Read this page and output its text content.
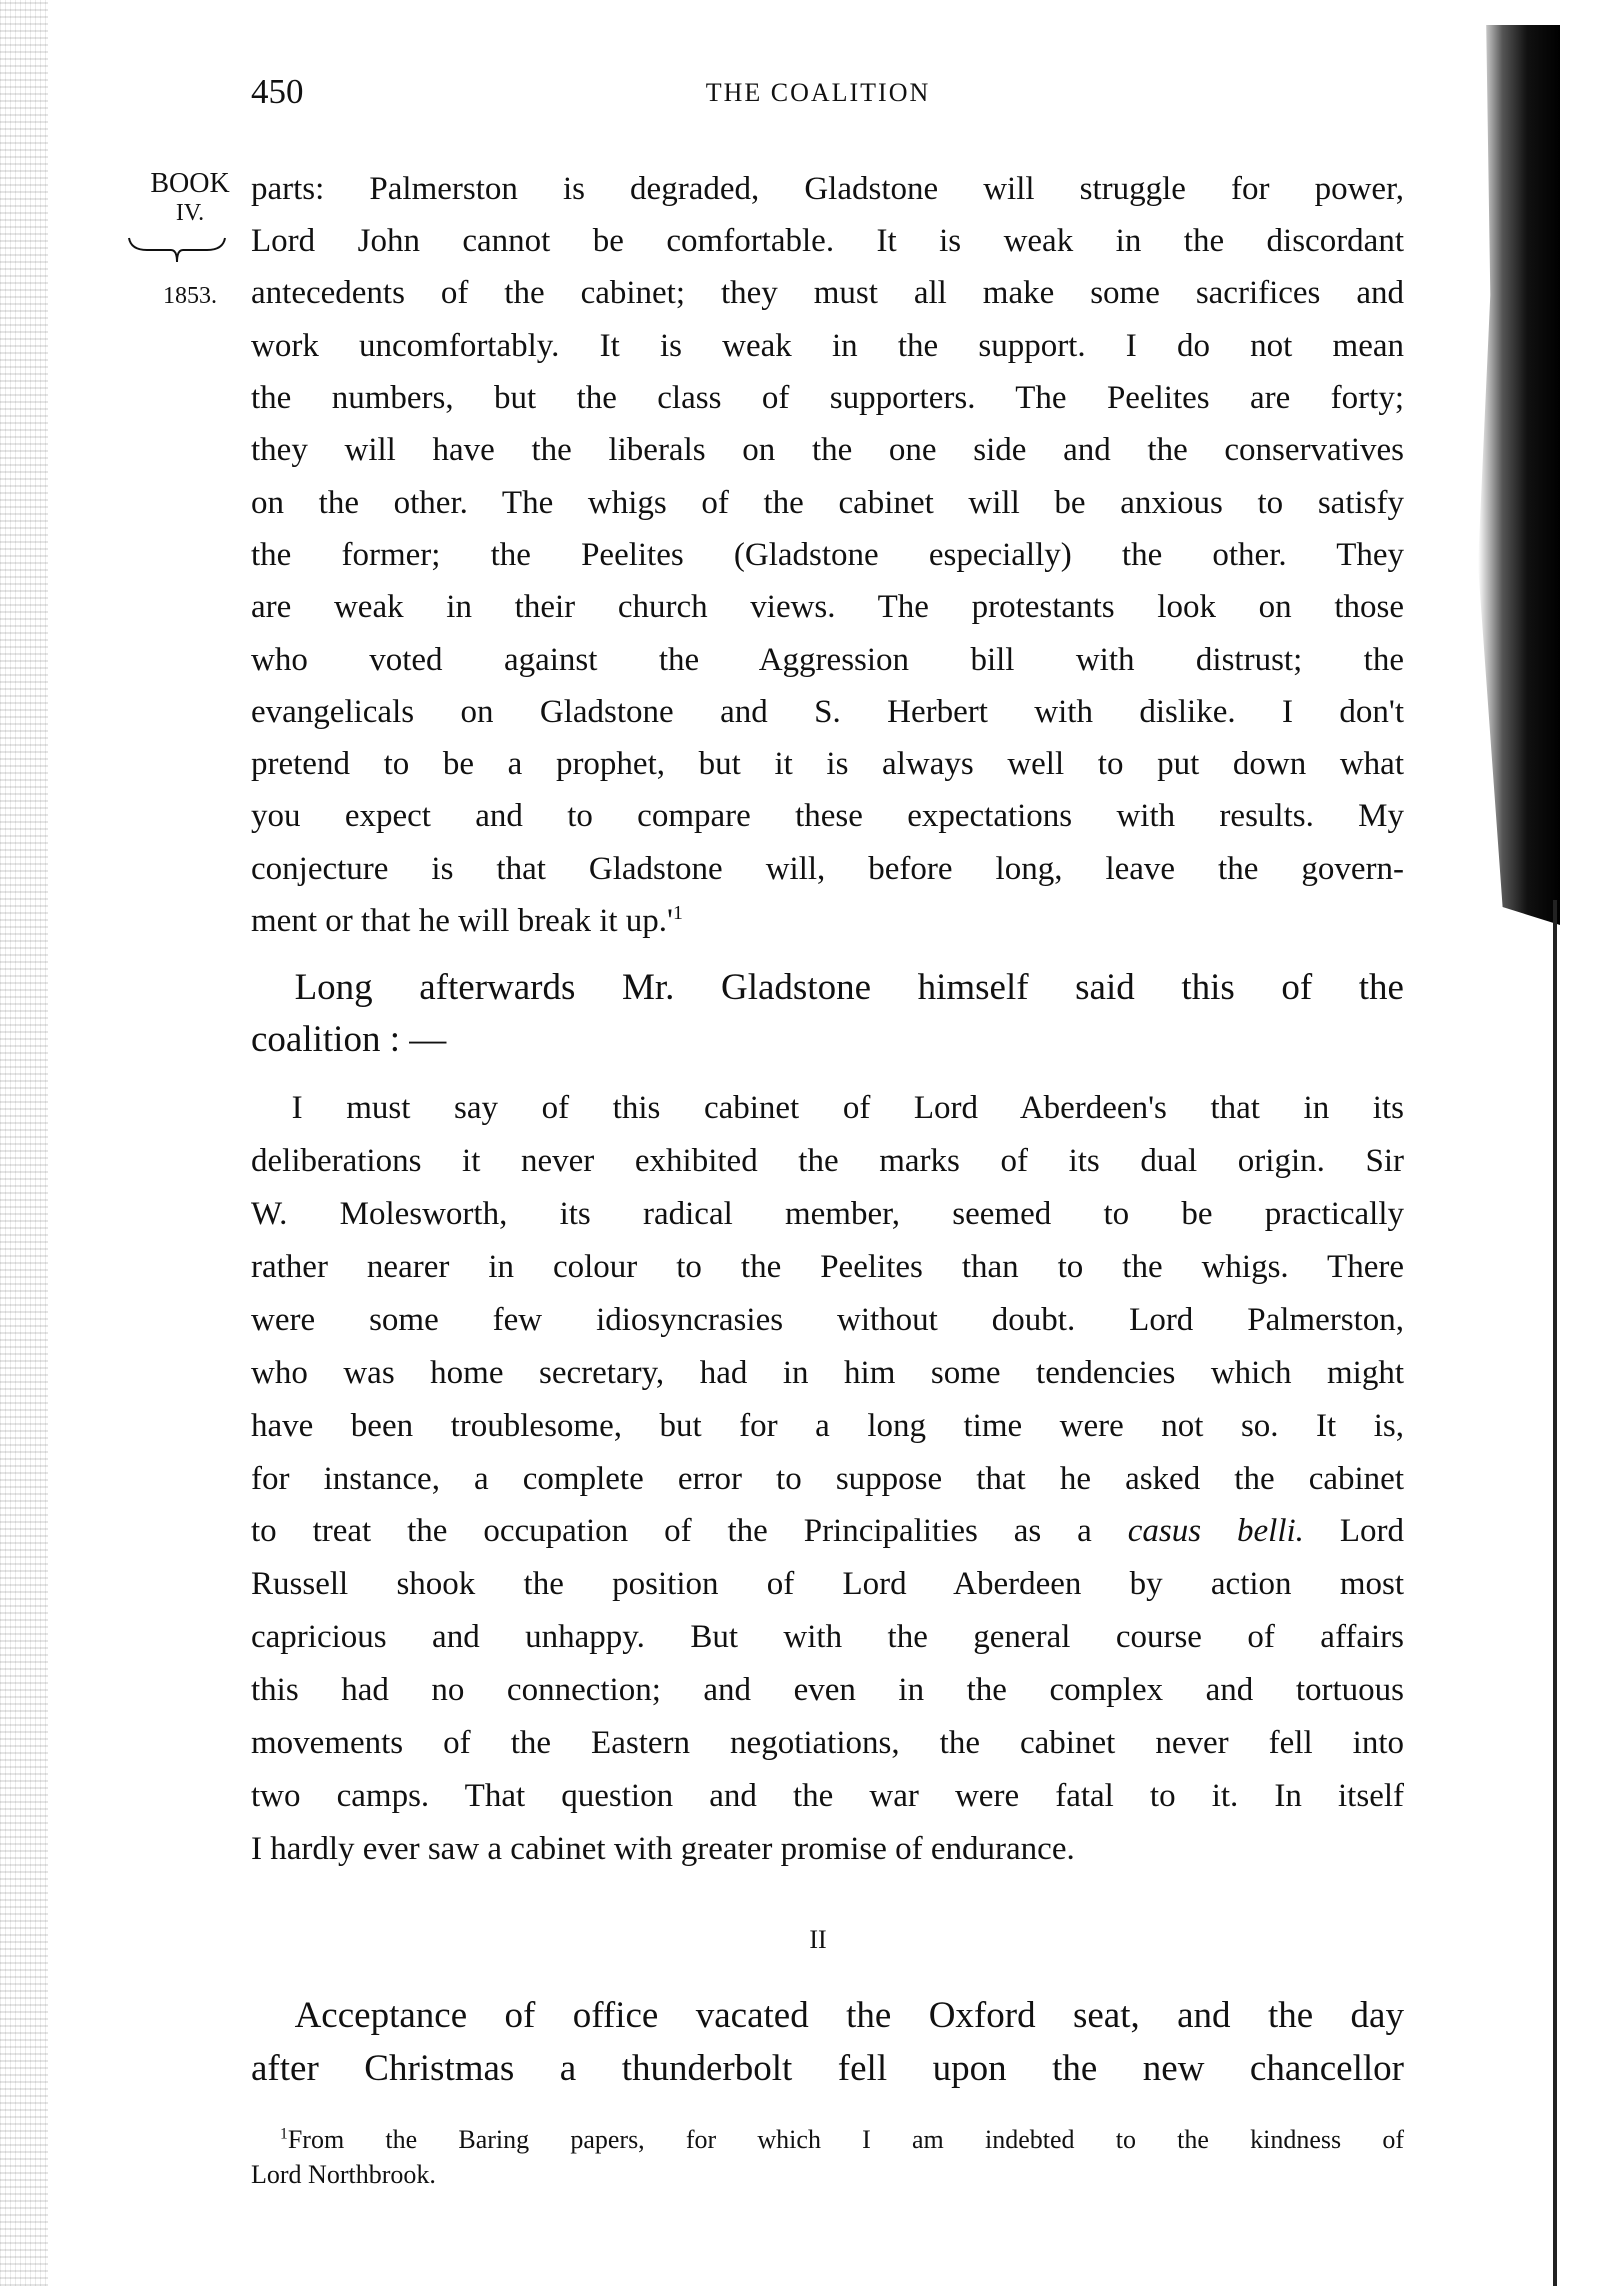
450	THE COALITION
BOOK
IV.
1853.
parts: Palmerston is degraded, Gladstone will struggle for power,
Lord John cannot be comfortable. It is weak in the discordant
antecedents of the cabinet; they must all make some sacrifices and
work uncomfortably. It is weak in the support. I do not mean
the numbers, but the class of supporters. The Peelites are forty;
they will have the liberals on the one side and the conservatives
on the other. The whigs of the cabinet will be anxious to satisfy
the former; the Peelites (Gladstone especially) the other. They
are weak in their church views. The protestants look on those
who voted against the Aggression bill with distrust; the
evangelicals on Gladstone and S. Herbert with dislike. I don't
pretend to be a prophet, but it is always well to put down what
you expect and to compare these expectations with results. My
conjecture is that Gladstone will, before long, leave the govern-
ment or that he will break it $up.'^1$
Long afterwards Mr. Gladstone himself said this of the
coalition : —
I must say of this cabinet of Lord Aberdeen's that in its
deliberations it never exhibited the marks of its dual origin. Sir
W. Molesworth, its radical member, seemed to be practically
rather nearer in colour to the Peelites than to the whigs. There
were some few idiosyncrasies without doubt. Lord Palmerston,
who was home secretary, had in him some tendencies which might
have been troublesome, but for a long time were not so. It is,
for instance, a complete error to suppose that he asked the cabinet
to treat the occupation of the Principalities as a casus belli. Lord
Russell shook the position of Lord Aberdeen by action most
capricious and unhappy. But with the general course of affairs
this had no connection; and even in the complex and tortuous
movements of the Eastern negotiations, the cabinet never fell into
two camps. That question and the war were fatal to it. In itself
I hardly ever saw a cabinet with greater promise of endurance.
Acceptance of office vacated the Oxford seat, and the day
after Christmas a thunderbolt fell upon the new chancellor
$^1$From the Baring papers, for which I am indebted to the kindness of
Lord Northbrook.
II
